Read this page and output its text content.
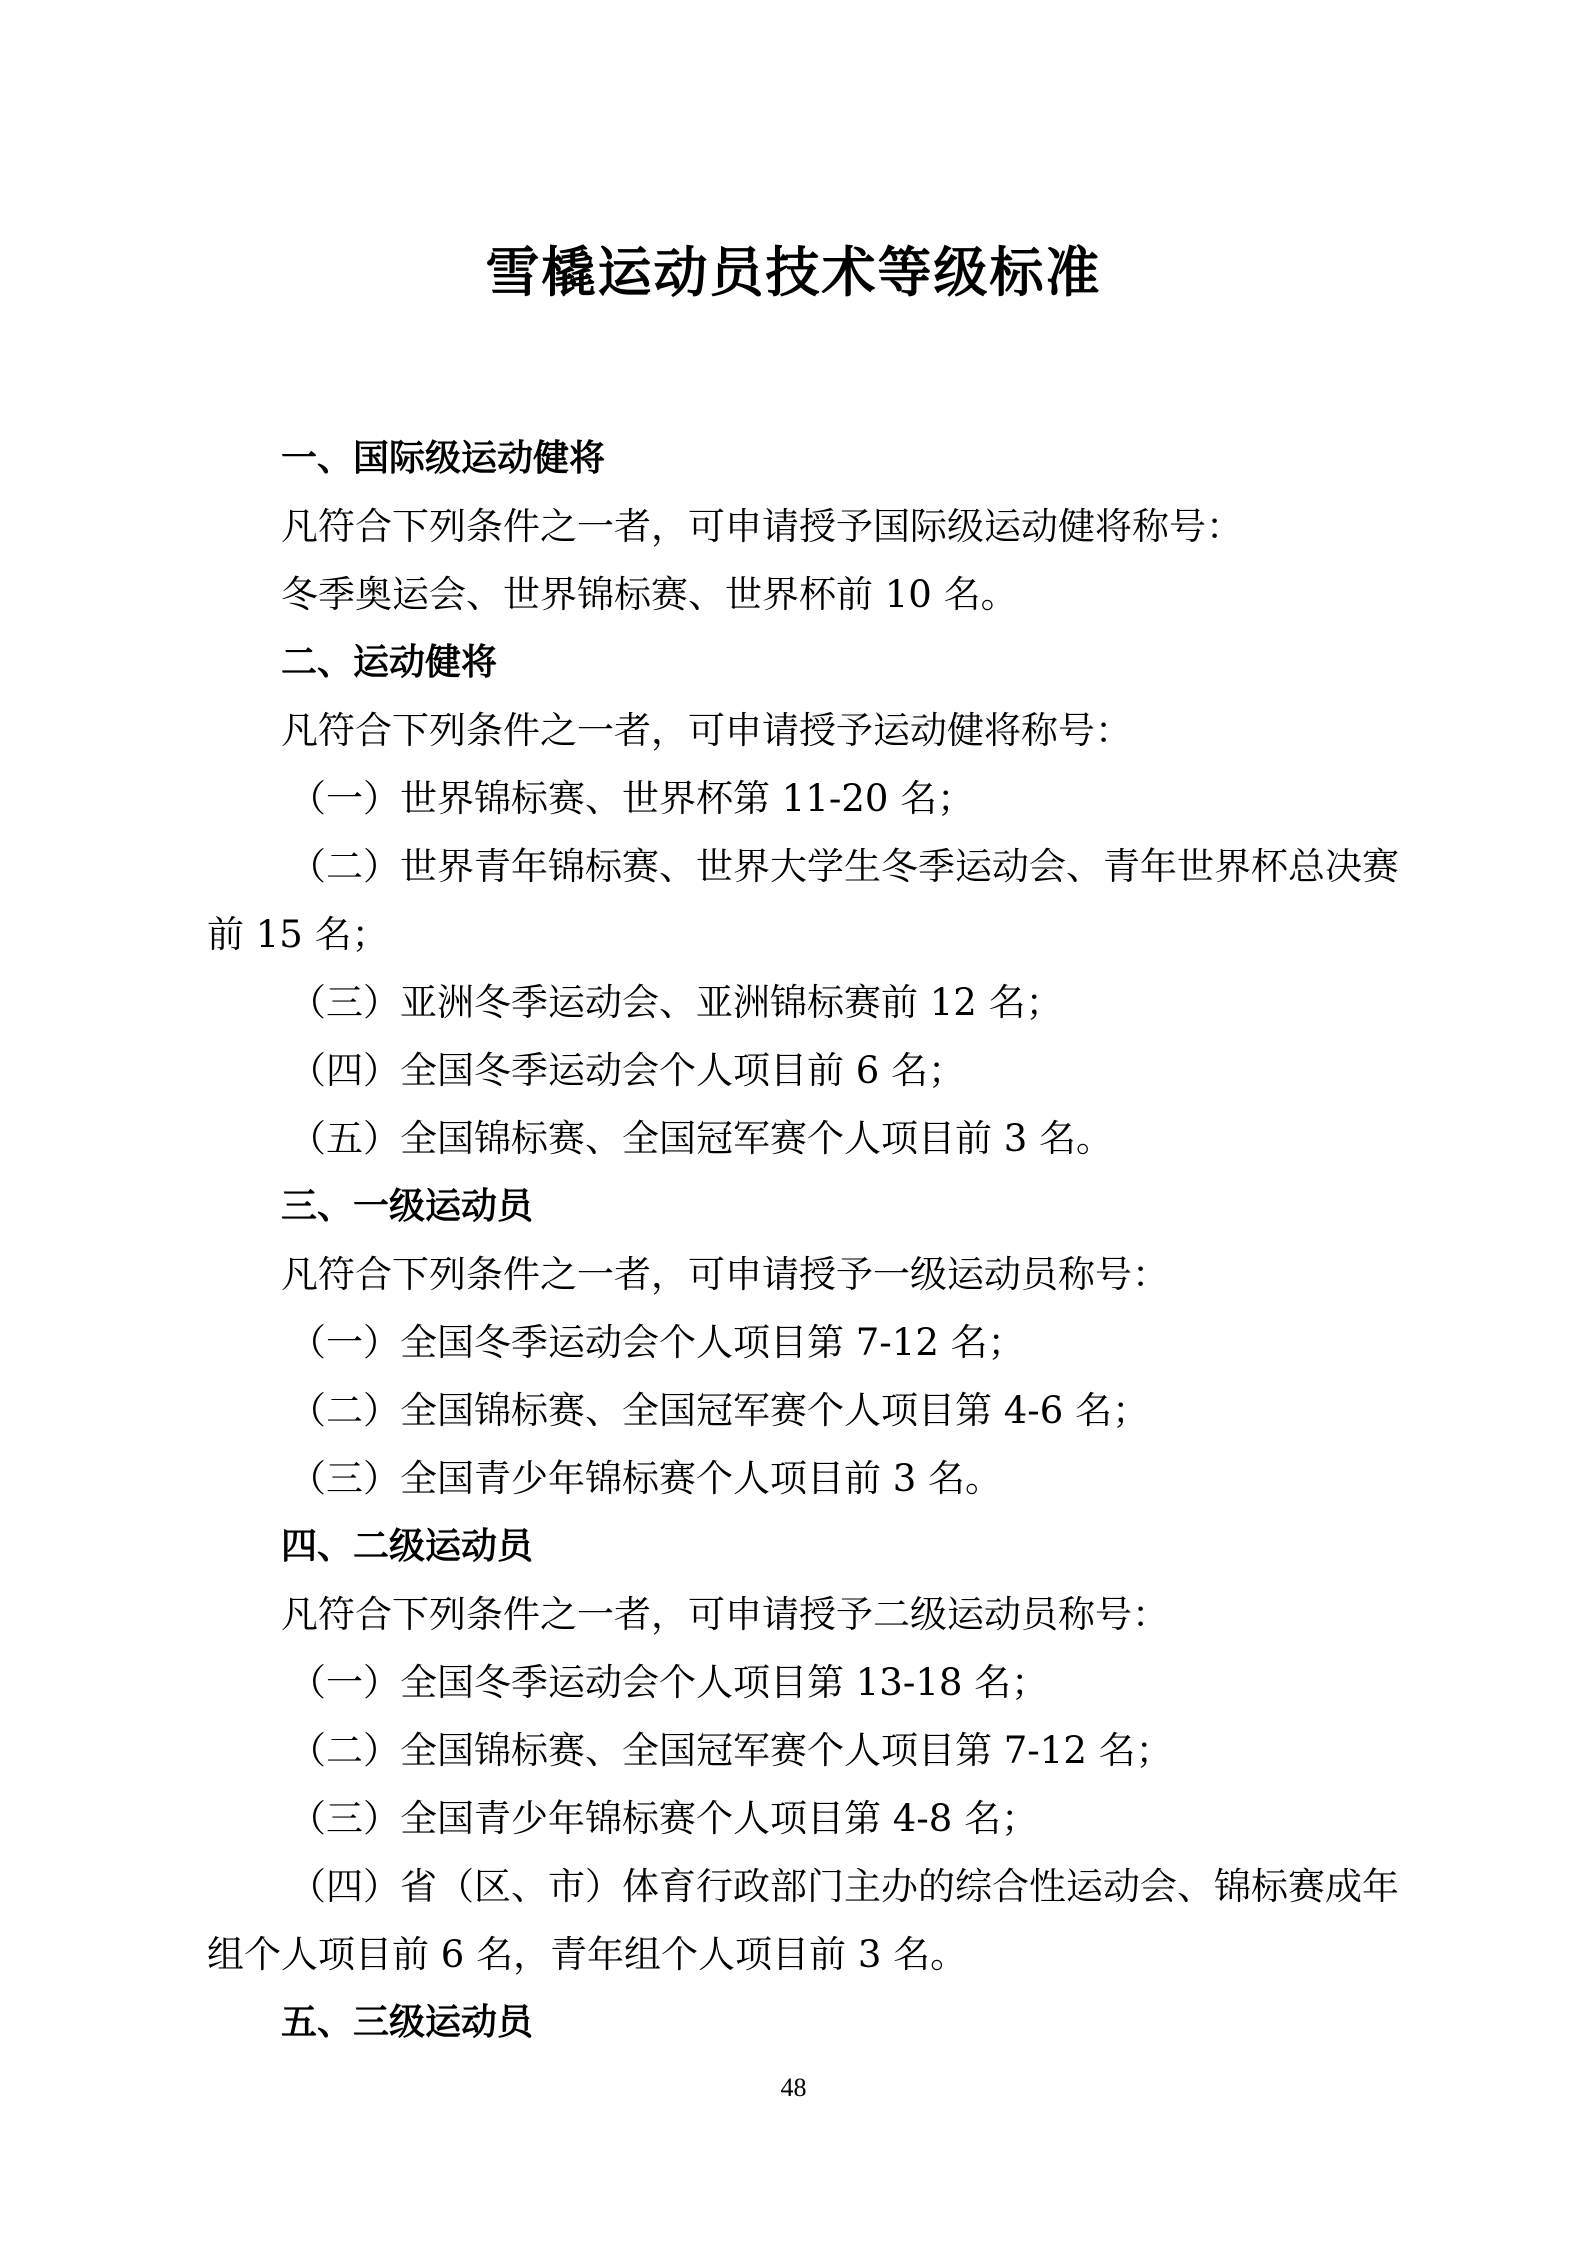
雪橇运动员技术等级标准

一、国际级运动健将

凡符合下列条件之一者，可申请授予国际级运动健将称号：

冬季奥运会、世界锦标赛、世界杯前 10 名。

二、运动健将

凡符合下列条件之一者，可申请授予运动健将称号：

（一）世界锦标赛、世界杯第 11-20 名；

（二）世界青年锦标赛、世界大学生冬季运动会、青年世界杯总决赛

前 15 名；

（三）亚洲冬季运动会、亚洲锦标赛前 12 名；

（四）全国冬季运动会个人项目前 6 名；

（五）全国锦标赛、全国冠军赛个人项目前 3 名。

三、一级运动员

凡符合下列条件之一者，可申请授予一级运动员称号：

（一）全国冬季运动会个人项目第 7-12 名；

（二）全国锦标赛、全国冠军赛个人项目第 4-6 名；

（三）全国青少年锦标赛个人项目前 3 名。

四、二级运动员

凡符合下列条件之一者，可申请授予二级运动员称号：

（一）全国冬季运动会个人项目第 13-18 名；

（二）全国锦标赛、全国冠军赛个人项目第 7-12 名；

（三）全国青少年锦标赛个人项目第 4-8 名；

（四）省（区、市）体育行政部门主办的综合性运动会、锦标赛成年

组个人项目前 6 名，青年组个人项目前 3 名。

五、三级运动员

48
